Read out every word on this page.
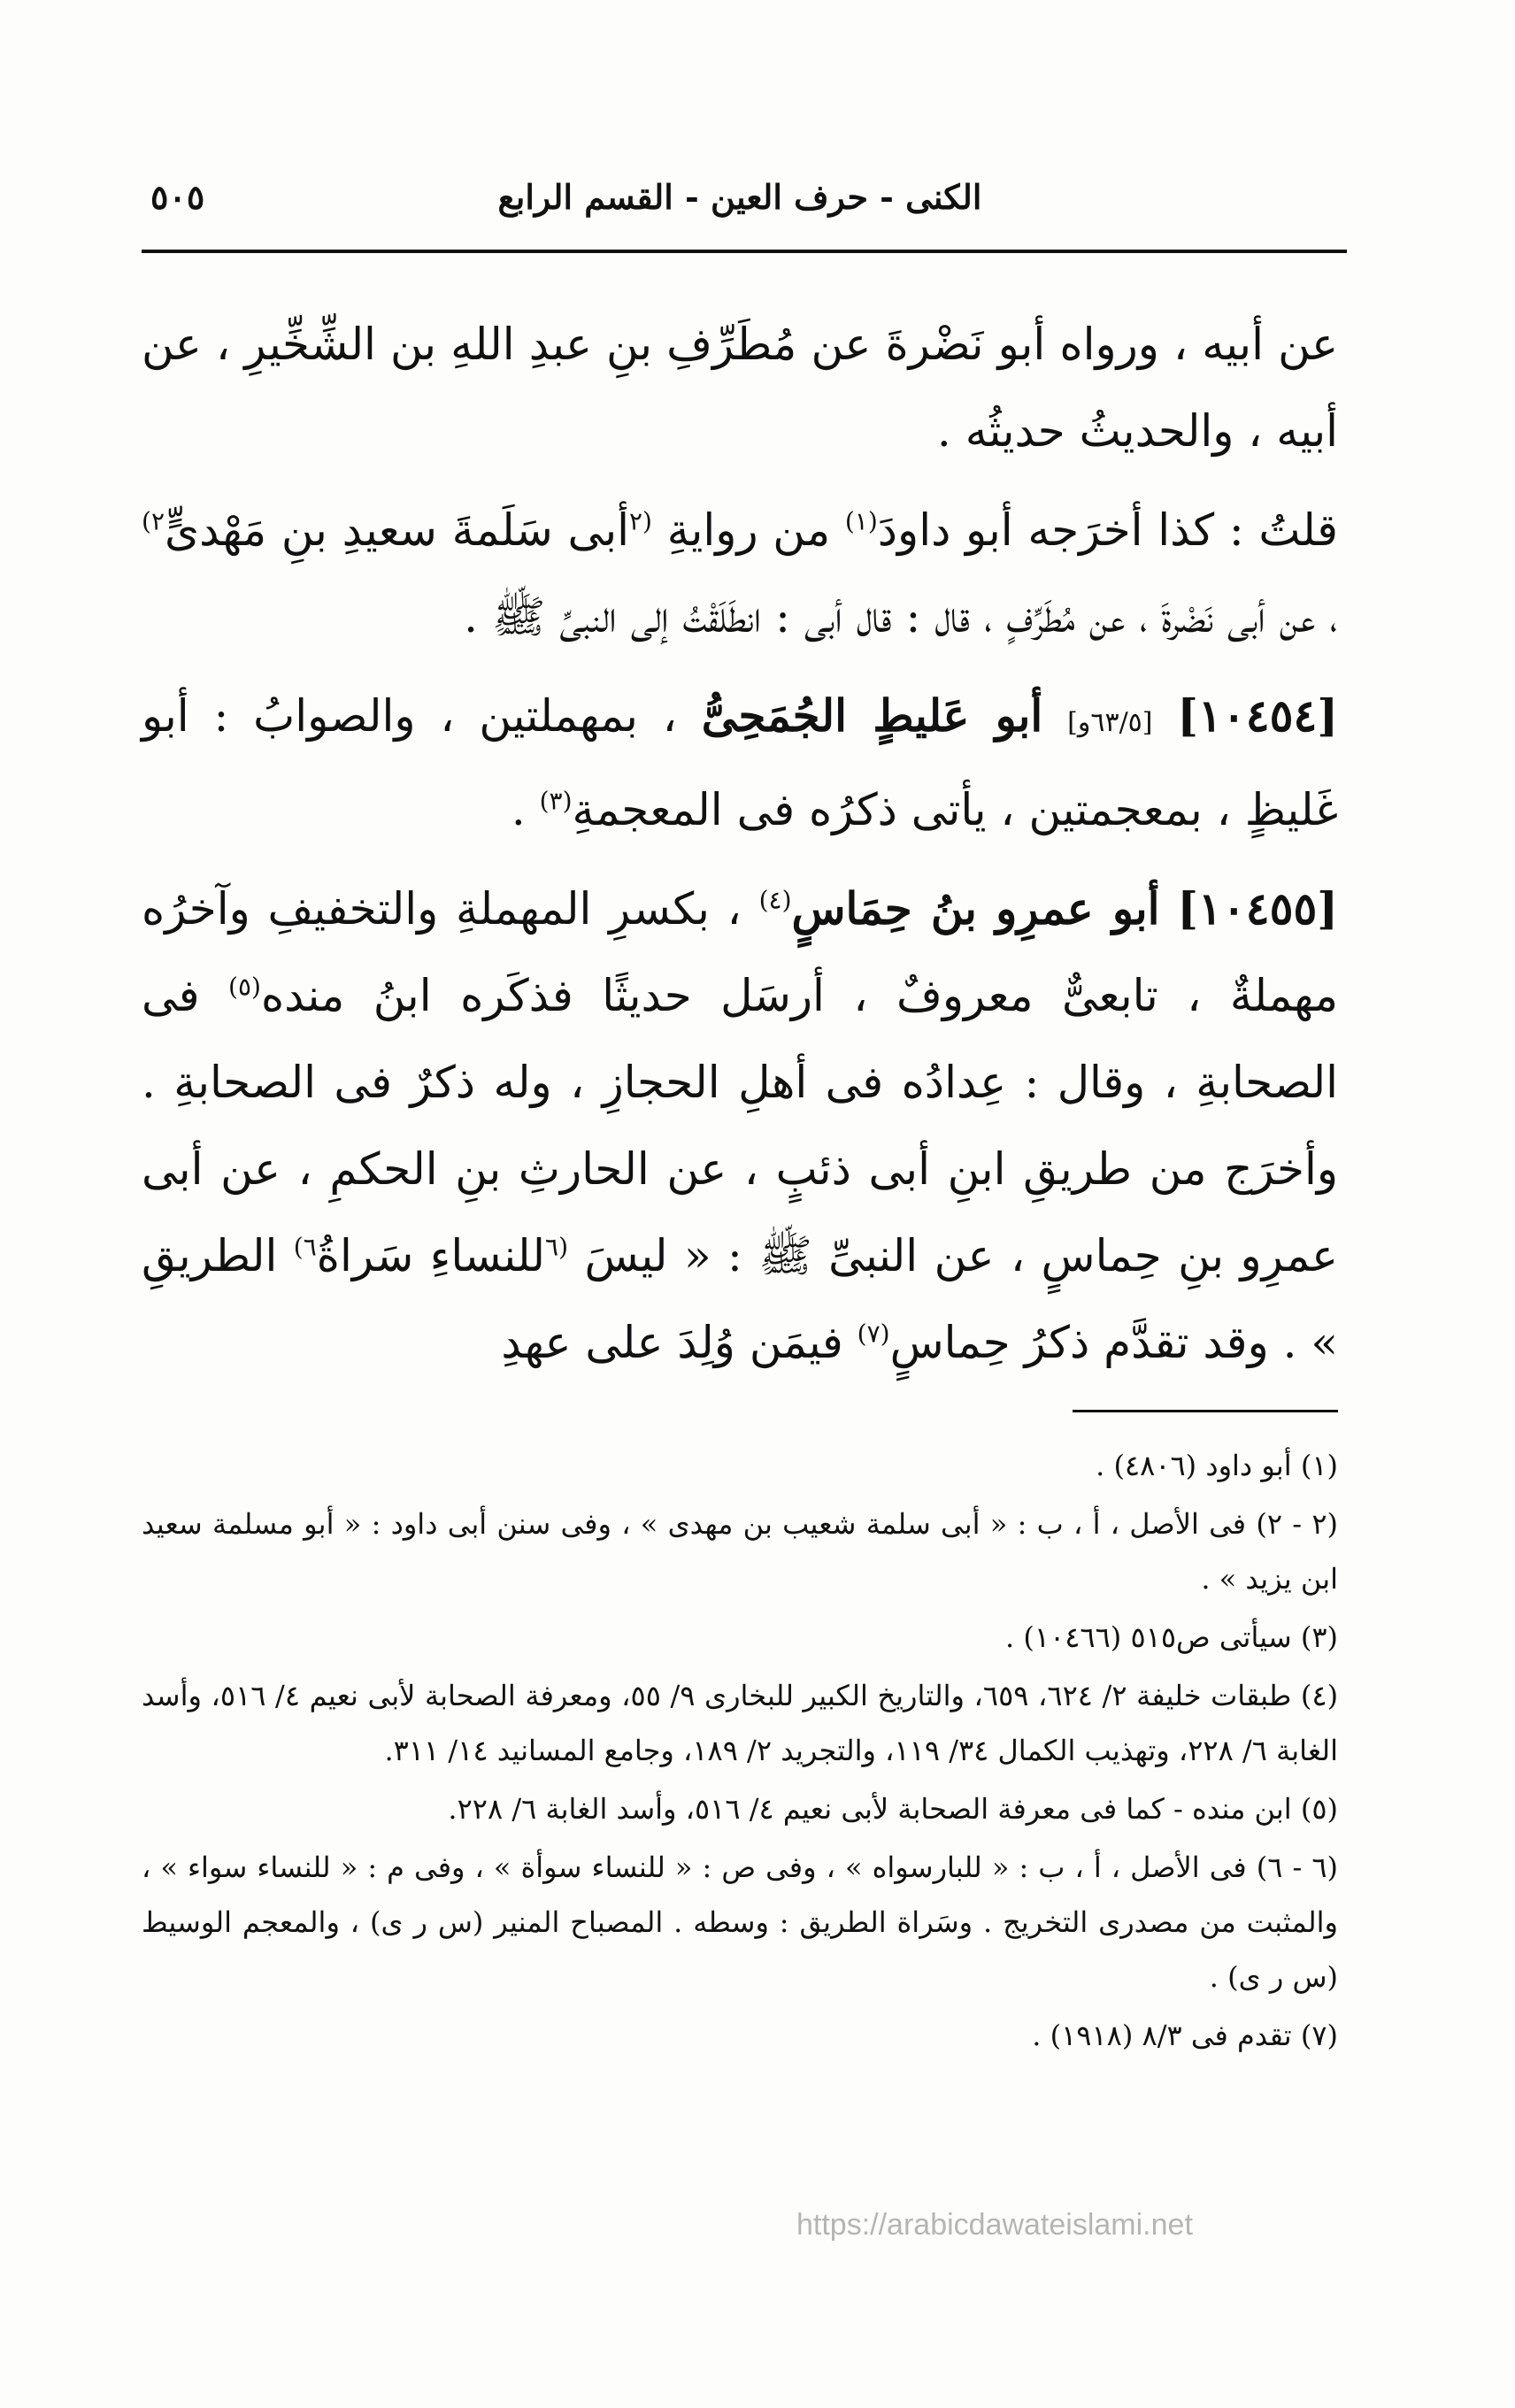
الكنى - حرف العين - القسم الرابع
٥٠٥

عن أبيه ، ورواه أبو نَضْرةَ عن مُطَرِّفِ بنِ عبدِ اللهِ بن الشِّخِّيرِ ، عن أبيه ، والحديثُ حديثُه .

قلتُ : كذا أخرَجه أبو داودَ$^{(١)}$ من روايةِ $^{(٢}$أبى سَلَمةَ سعيدِ بنِ مَهْدىٍّ$^{٢)}$ ، عن أبى نَضْرةَ ، عن مُطَرِّفٍ ، قال : قال أبى : انطَلَقْتُ إلى النبىِّ ﷺ .

[١٠٤٥٤] [٦٣/٥و] أبو عَليطٍ الجُمَحِىُّ ، بمهملتين ، والصوابُ : أبو غَليظٍ ، بمعجمتين ، يأتى ذكرُه فى المعجمةِ$^{(٣)}$ .

[١٠٤٥٥] أبو عمرِو بنُ حِمَاسٍ$^{(٤)}$ ، بكسرِ المهملةِ والتخفيفِ وآخرُه مهملةٌ ، تابعىٌّ معروفٌ ، أرسَل حديثًا فذكَره ابنُ منده$^{(٥)}$ فى الصحابةِ ، وقال : عِدادُه فى أهلِ الحجازِ ، وله ذكرٌ فى الصحابةِ . وأخرَج من طريقِ ابنِ أبى ذئبٍ ، عن الحارثِ بنِ الحكمِ ، عن أبى عمرِو بنِ حِماسٍ ، عن النبىِّ ﷺ : « ليسَ $^{(٦}$للنساءِ سَراةُ$^{٦)}$ الطريقِ » . وقد تقدَّم ذكرُ حِماسٍ$^{(٧)}$ فيمَن وُلِدَ على عهدِ

(١) أبو داود (٤٨٠٦) .

(٢ - ٢) فى الأصل ، أ ، ب : « أبى سلمة شعيب بن مهدى » ، وفى سنن أبى داود : « أبو مسلمة سعيد ابن يزيد » .

(٣) سيأتى ص٥١٥ (١٠٤٦٦) .

(٤) طبقات خليفة ٢/ ٦٢٤، ٦٥٩، والتاريخ الكبير للبخارى ٩/ ٥٥، ومعرفة الصحابة لأبى نعيم ٤/ ٥١٦، وأسد الغابة ٦/ ٢٢٨، وتهذيب الكمال ٣٤/ ١١٩، والتجريد ٢/ ١٨٩، وجامع المسانيد ١٤/ ٣١١.

(٥) ابن منده - كما فى معرفة الصحابة لأبى نعيم ٤/ ٥١٦، وأسد الغابة ٦/ ٢٢٨.

(٦ - ٦) فى الأصل ، أ ، ب : « للبارسواه » ، وفى ص : « للنساء سوأة » ، وفى م : « للنساء سواء » ، والمثبت من مصدرى التخريج . وسَراة الطريق : وسطه . المصباح المنير (س ر ى) ، والمعجم الوسيط (س ر ى) .

(٧) تقدم فى ٨/٣ (١٩١٨) .

https://arabicdawateislami.net
